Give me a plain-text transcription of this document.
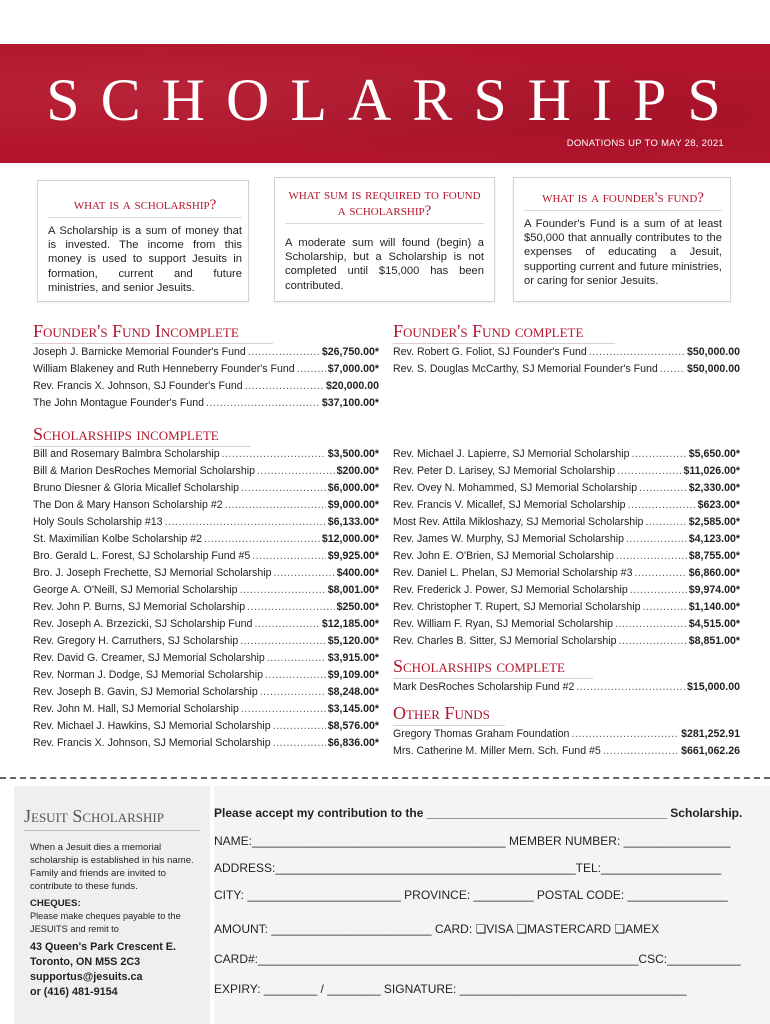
SCHOLARSHIPS
DONATIONS UP TO MAY 28, 2021
what is a scholarship?

A Scholarship is a sum of money that is invested. The income from this money is used to support Jesuits in formation, current and future ministries, and senior Jesuits.

what sum is required to found a scholarship?

A moderate sum will found (begin) a Scholarship, but a Scholarship is not completed until $15,000 has been contributed.

what is a founder's fund?

A Founder's Fund is a sum of at least $50,000 that annually contributes to the expenses of educating a Jesuit, supporting current and future ministries, or caring for senior Jesuits.

Founder's Fund Incomplete
Joseph J. Barnicke Memorial Founder's Fund .....	$26,750.00*
William Blakeney and Ruth Henneberry Founder's Fund .....	$7,000.00*
Rev. Francis X. Johnson, SJ Founder's Fund .....	$20,000.00
The John Montague Founder's Fund .....	$37,100.00*
Founder's Fund complete
Rev. Robert G. Foliot, SJ Founder's Fund .....	$50,000.00
Rev. S. Douglas McCarthy, SJ Memorial Founder's Fund .....	$50,000.00
Scholarships incomplete
Bill and Rosemary Balmbra Scholarship .....	$3,500.00*
Bill & Marion DesRoches Memorial Scholarship .....	$200.00*
Bruno Diesner & Gloria Micallef Scholarship .....	$6,000.00*
The Don & Mary Hanson Scholarship #2 .....	$9,000.00*
Holy Souls Scholarship #13 .....	$6,133.00*
St. Maximilian Kolbe Scholarship #2 .....	$12,000.00*
Bro. Gerald L. Forest, SJ Scholarship Fund #5 .....	$9,925.00*
Bro. J. Joseph Frechette, SJ Memorial Scholarship .....	$400.00*
George A. O'Neill, SJ Memorial Scholarship .....	$8,001.00*
Rev. John P. Burns, SJ Memorial Scholarship .....	$250.00*
Rev. Joseph A. Brzezicki, SJ Scholarship Fund .....	$12,185.00*
Rev. Gregory H. Carruthers, SJ Scholarship .....	$5,120.00*
Rev. David G. Creamer, SJ Memorial Scholarship .....	$3,915.00*
Rev. Norman J. Dodge, SJ Memorial Scholarship .....	$9,109.00*
Rev. Joseph B. Gavin, SJ Memorial Scholarship .....	$8,248.00*
Rev. John M. Hall, SJ Memorial Scholarship .....	$3,145.00*
Rev. Michael J. Hawkins, SJ Memorial Scholarship .....	$8,576.00*
Rev. Francis X. Johnson, SJ Memorial Scholarship .....	$6,836.00*
Rev. Michael J. Lapierre, SJ Memorial Scholarship .....	$5,650.00*
Rev. Peter D. Larisey, SJ Memorial Scholarship .....	$11,026.00*
Rev. Ovey N. Mohammed, SJ Memorial Scholarship .....	$2,330.00*
Rev. Francis V. Micallef, SJ Memorial Scholarship .....	$623.00*
Most Rev. Attila Mikloshazy, SJ Memorial Scholarship .....	$2,585.00*
Rev. James W. Murphy, SJ Memorial Scholarship .....	$4,123.00*
Rev. John E. O'Brien, SJ Memorial Scholarship .....	$8,755.00*
Rev. Daniel L. Phelan, SJ Memorial Scholarship #3 .....	$6,860.00*
Rev. Frederick J. Power, SJ Memorial Scholarship .....	$9,974.00*
Rev. Christopher T. Rupert, SJ Memorial Scholarship .....	$1,140.00*
Rev. William F. Ryan, SJ Memorial Scholarship .....	$4,515.00*
Rev. Charles B. Sitter, SJ Memorial Scholarship .....	$8,851.00*
Scholarships complete
Mark DesRoches Scholarship Fund #2 .....	$15,000.00
Other Funds
Gregory Thomas Graham Foundation .....	$281,252.91
Mrs. Catherine M. Miller Mem. Sch. Fund #5 .....	$661,062.26
Jesuit Scholarship
When a Jesuit dies a memorial scholarship is established in his name. Family and friends are invited to contribute to these funds.
CHEQUES:
Please make cheques payable to the JESUITS and remit to
43 Queen's Park Crescent E.
Toronto, ON M5S 2C3
supportus@jesuits.ca
or (416) 481-9154
Please accept my contribution to the ____________________________________ Scholarship.
NAME:______________________________________ MEMBER NUMBER: ________________
ADDRESS:_____________________________________________TEL:__________________
CITY: _______________________ PROVINCE: _________ POSTAL CODE: _______________
AMOUNT: ________________________ CARD: ❏VISA ❏MASTERCARD ❏AMEX
CARD#:_________________________________________________________CSC:___________
EXPIRY: ________ / ________ SIGNATURE: __________________________________
